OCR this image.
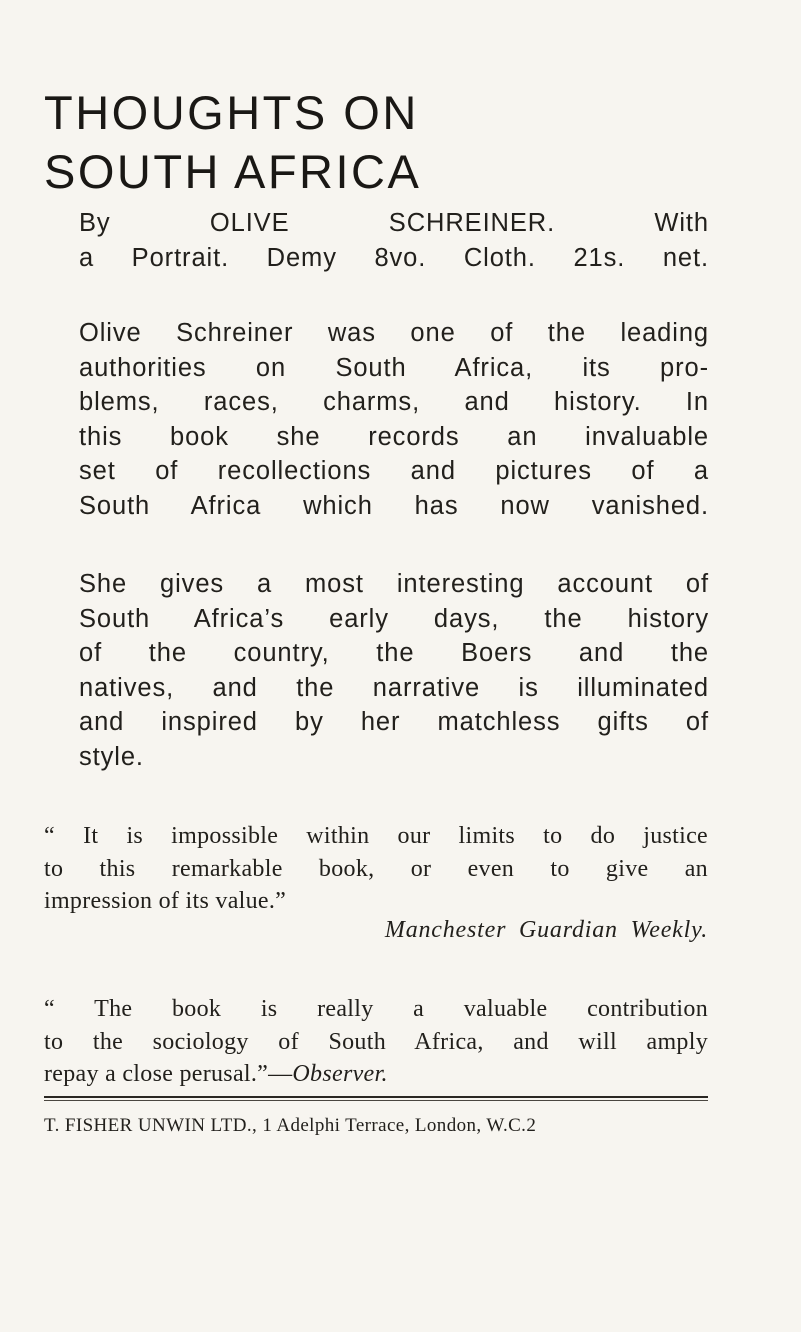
THOUGHTS ON
SOUTH AFRICA
By OLIVE SCHREINER. With
a Portrait. Demy 8vo. Cloth. 21s. net.
Olive Schreiner was one of the leading
authorities on South Africa, its pro-
blems, races, charms, and history. In
this book she records an invaluable
set of recollections and pictures of a
South Africa which has now vanished.
She gives a most interesting account of
South Africa’s early days, the history
of the country, the Boers and the
natives, and the narrative is illuminated
and inspired by her matchless gifts of
style.
“ It is impossible within our limits to do justice
to this remarkable book, or even to give an
impression of its value.”
Manchester Guardian Weekly.
“ The book is really a valuable contribution
to the sociology of South Africa, and will amply
repay a close perusal.”—Observer.
T. FISHER UNWIN LTD., 1 Adelphi Terrace, London, W.C.2
